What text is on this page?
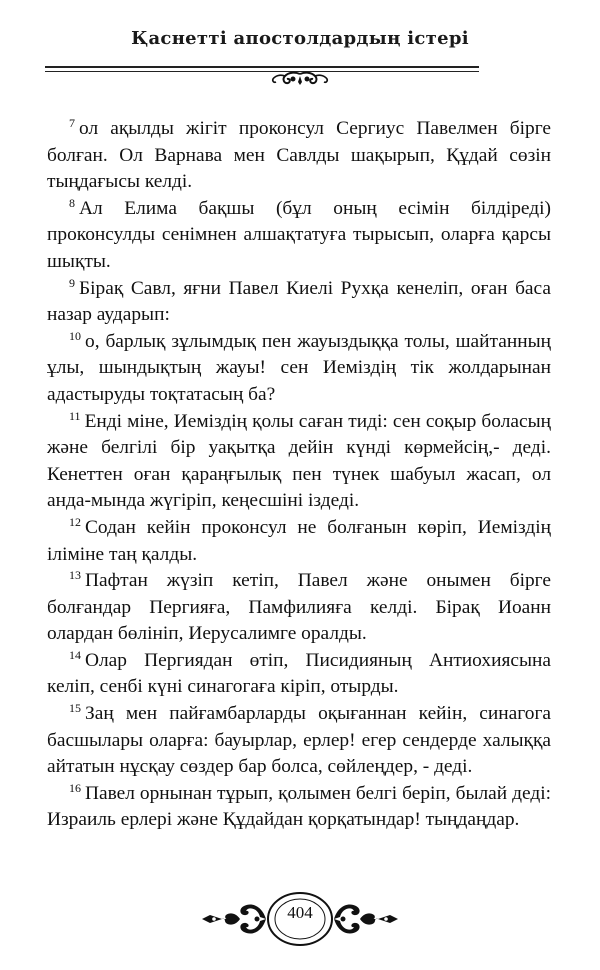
Қаснетті апостолдардың істері

$^7$ ол ақылды жігіт проконсул Сергиус Павелмен бірге болған. Ол Варнава мен Савлды шақырып, Құдай сөзін тыңдағысы келді.

$^8$ Ал Елима бақшы (бұл оның есімін білдіреді) проконсулды сенімнен алшақтатуға тырысып, оларға қарсы шықты.

$^9$ Бірақ Савл, яғни Павел Киелі Рухқа кенеліп, оған баса назар аударып:

$^{10}$ о, барлық зұлымдық пен жауыздыққа толы, шайтанның ұлы, шындықтың жауы! сен Иеміздің тік жолдарынан адастыруды тоқтатасың ба?

$^{11}$ Енді міне, Иеміздің қолы саған тиді: сен соқыр боласың және белгілі бір уақытқа дейін күнді көрмейсің,- деді. Кенеттен оған қараңғылық пен түнек шабуыл жасап, ол анда-мында жүгіріп, кеңесшіні іздеді.

$^{12}$ Содан кейін проконсул не болғанын көріп, Иеміздің іліміне таң қалды.

$^{13}$ Пафтан жүзіп кетіп, Павел және онымен бірге болғандар Пергияға, Памфилияға келді. Бірақ Иоанн олардан бөлініп, Иерусалимге оралды.

$^{14}$ Олар Пергиядан өтіп, Писидияның Антиохиясына келіп, сенбі күні синагогаға кіріп, отырды.

$^{15}$ Заң мен пайғамбарларды оқығаннан кейін, синагога басшылары оларға: бауырлар, ерлер! егер сендерде халыққа айтатын нұсқау сөздер бар болса, сөйлеңдер, - деді.

$^{16}$ Павел орнынан тұрып, қолымен белгі беріп, былай деді: Израиль ерлері және Құдайдан қорқатындар! тыңдаңдар.

404
